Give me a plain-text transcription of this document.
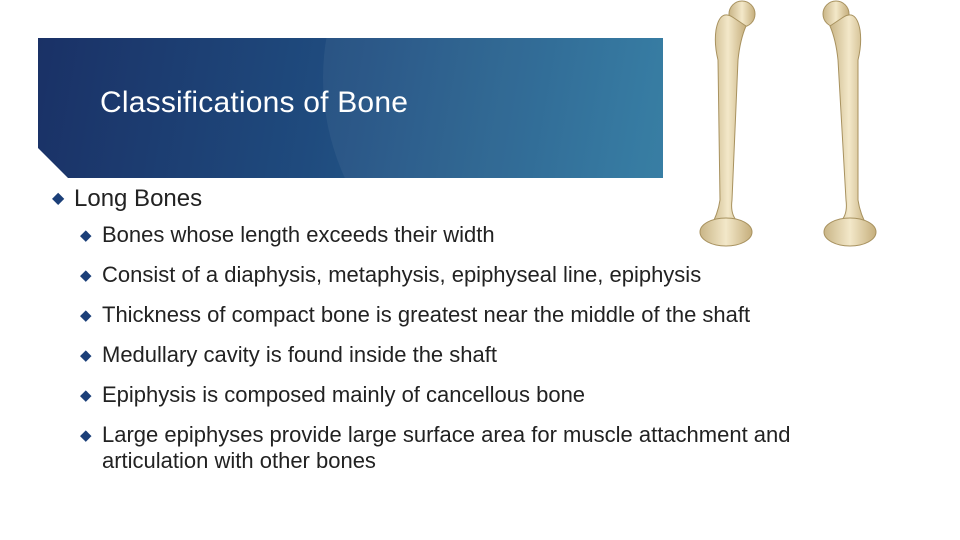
Classifications of Bone
◆ Long Bones
◆ Bones whose length exceeds their width
◆ Consist of a diaphysis, metaphysis, epiphyseal line, epiphysis
◆ Thickness of compact bone is greatest near the middle of the shaft
◆ Medullary cavity is found inside the shaft
◆ Epiphysis is composed mainly of cancellous bone
◆ Large epiphyses provide large surface area for muscle attachment and articulation with other bones
